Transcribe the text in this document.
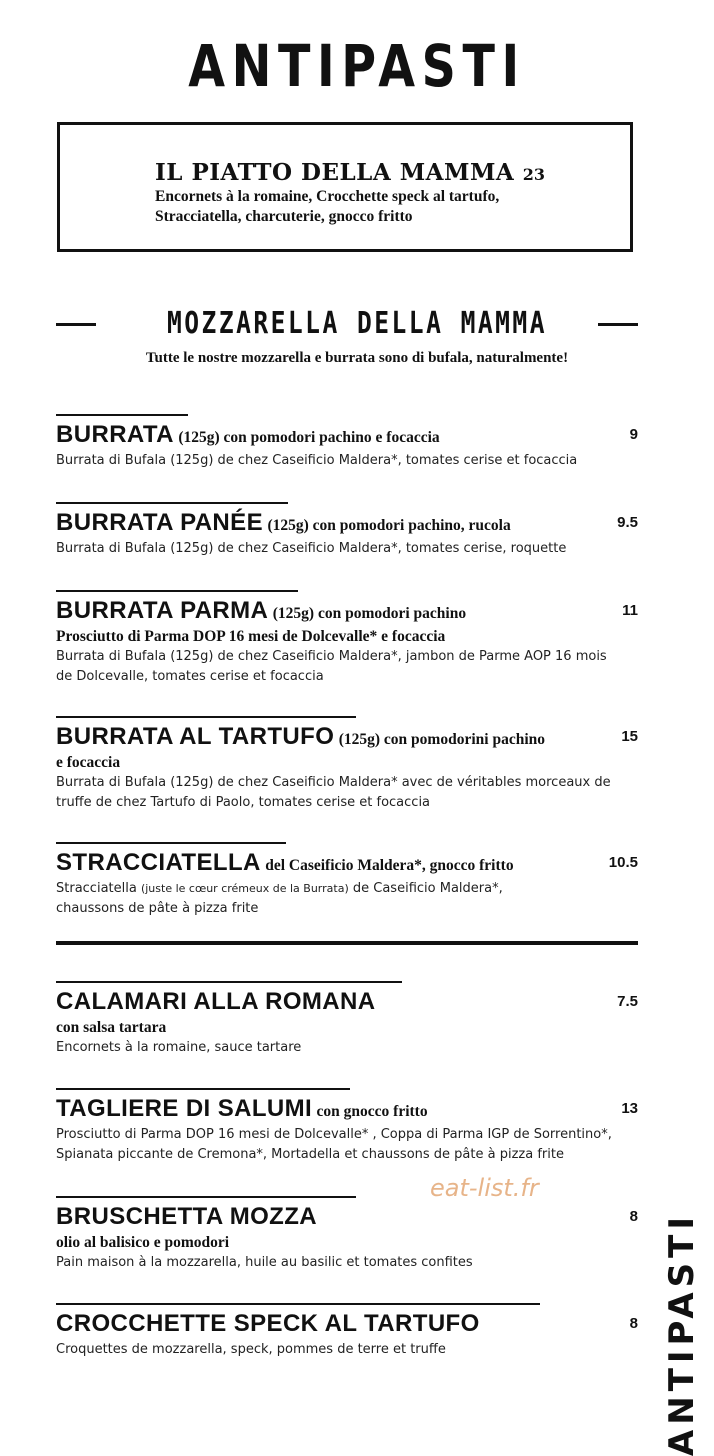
ANTIPASTI
IL PIATTO DELLA MAMMA 23
Encornets à la romaine, Crocchette speck al tartufo,
Stracciatella, charcuterie, gnocco fritto
MOZZARELLA DELLA MAMMA
Tutte le nostre mozzarella e burrata sono di bufala, naturalmente!
BURRATA (125g) con pomodori pachino e focaccia	9
Burrata di Bufala (125g) de chez Caseificio Maldera*, tomates cerise et focaccia
BURRATA PANÉE (125g) con pomodori pachino, rucola	9.5
Burrata di Bufala (125g) de chez Caseificio Maldera*, tomates cerise, roquette
BURRATA PARMA (125g) con pomodori pachino	11
Prosciutto di Parma DOP 16 mesi de Dolcevalle* e focaccia
Burrata di Bufala (125g) de chez Caseificio Maldera*, jambon de Parme AOP 16 mois
de Dolcevalle, tomates cerise et focaccia
BURRATA AL TARTUFO (125g) con pomodorini pachino	15
e focaccia
Burrata di Bufala (125g) de chez Caseificio Maldera* avec de véritables morceaux de
truffe de chez Tartufo di Paolo, tomates cerise et focaccia
STRACCIATELLA del Caseificio Maldera*, gnocco fritto	10.5
Stracciatella (juste le cœur crémeux de la Burrata) de Caseificio Maldera*,
chaussons de pâte à pizza frite
CALAMARI ALLA ROMANA	7.5
con salsa tartara
Encornets à la romaine, sauce tartare
TAGLIERE DI SALUMI con gnocco fritto	13
Prosciutto di Parma DOP 16 mesi de Dolcevalle* , Coppa di Parma IGP de Sorrentino*,
Spianata piccante de Cremona*, Mortadella et chaussons de pâte à pizza frite
BRUSCHETTA MOZZA	8
olio al balisico e pomodori
Pain maison à la mozzarella, huile au basilic et tomates confites
CROCCHETTE SPECK AL TARTUFO	8
Croquettes de mozzarella, speck, pommes de terre et truffe
eat-list.fr
ANTIPASTI
